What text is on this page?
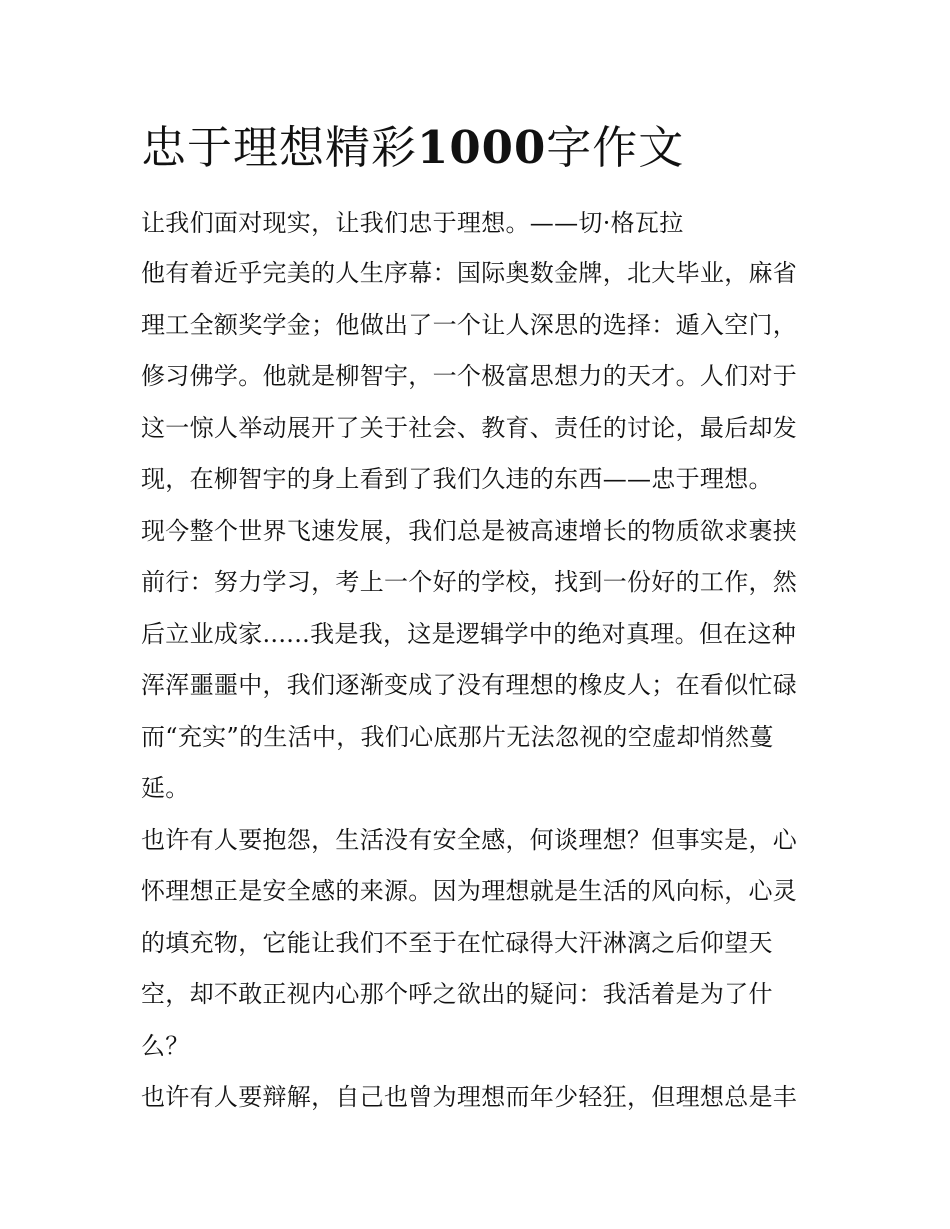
忠于理想精彩1000字作文

让我们面对现实，让我们忠于理想。——切·格瓦拉

他有着近乎完美的人生序幕：国际奥数金牌，北大毕业，麻省
理工全额奖学金；他做出了一个让人深思的选择：遁入空门，
修习佛学。他就是柳智宇，一个极富思想力的天才。人们对于
这一惊人举动展开了关于社会、教育、责任的讨论，最后却发
现，在柳智宇的身上看到了我们久违的东西——忠于理想。

现今整个世界飞速发展，我们总是被高速增长的物质欲求裹挟
前行：努力学习，考上一个好的学校，找到一份好的工作，然
后立业成家......我是我，这是逻辑学中的绝对真理。但在这种
浑浑噩噩中，我们逐渐变成了没有理想的橡皮人；在看似忙碌
而“充实”的生活中，我们心底那片无法忽视的空虚却悄然蔓
延。

也许有人要抱怨，生活没有安全感，何谈理想？但事实是，心
怀理想正是安全感的来源。因为理想就是生活的风向标，心灵
的填充物，它能让我们不至于在忙碌得大汗淋漓之后仰望天
空，却不敢正视内心那个呼之欲出的疑问：我活着是为了什
么？

也许有人要辩解，自己也曾为理想而年少轻狂，但理想总是丰
